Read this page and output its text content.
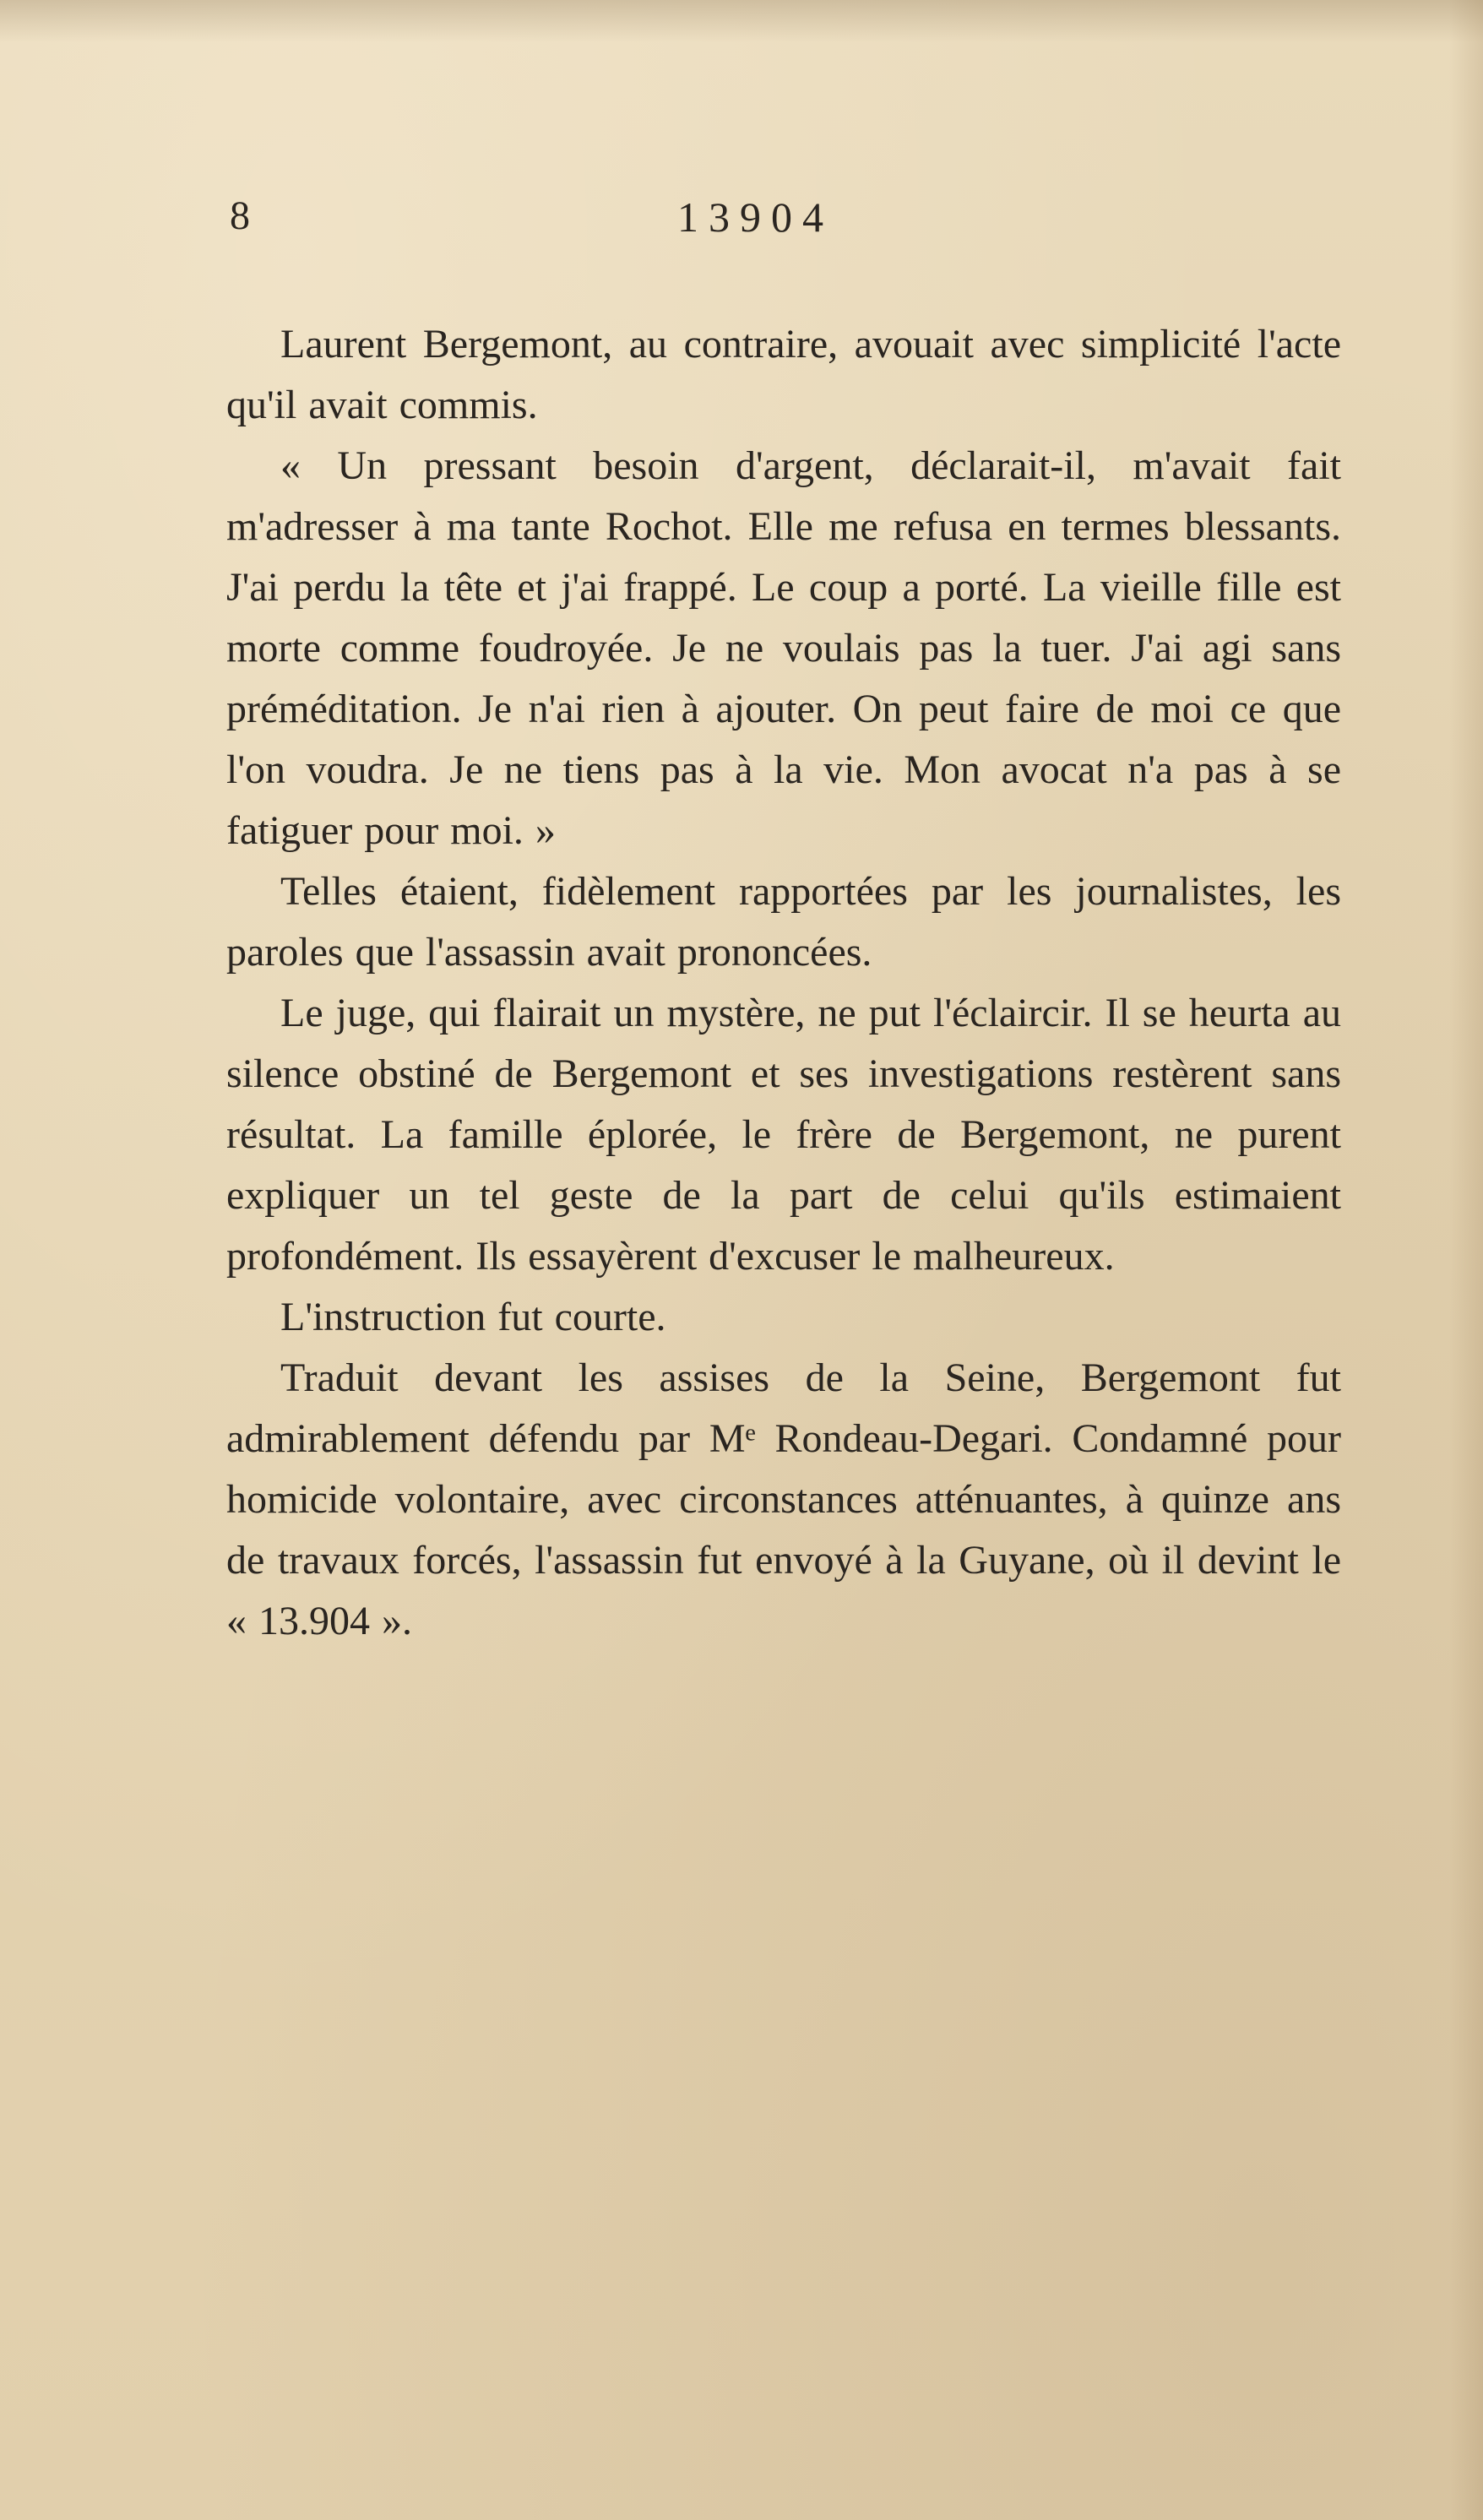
8	13904

Laurent Bergemont, au contraire, avouait avec simplicité l'acte qu'il avait commis.

« Un pressant besoin d'argent, déclarait-il, m'avait fait m'adresser à ma tante Rochot. Elle me refusa en termes blessants. J'ai perdu la tête et j'ai frappé. Le coup a porté. La vieille fille est morte comme foudroyée. Je ne voulais pas la tuer. J'ai agi sans préméditation. Je n'ai rien à ajouter. On peut faire de moi ce que l'on voudra. Je ne tiens pas à la vie. Mon avocat n'a pas à se fatiguer pour moi. »

Telles étaient, fidèlement rapportées par les journalistes, les paroles que l'assassin avait prononcées.

Le juge, qui flairait un mystère, ne put l'éclaircir. Il se heurta au silence obstiné de Bergemont et ses investigations restèrent sans résultat. La famille éplorée, le frère de Bergemont, ne purent expliquer un tel geste de la part de celui qu'ils estimaient profondément. Ils essayèrent d'excuser le malheureux.

L'instruction fut courte.

Traduit devant les assises de la Seine, Bergemont fut admirablement défendu par Mᵉ Rondeau-Degari. Condamné pour homicide volontaire, avec circonstances atténuantes, à quinze ans de travaux forcés, l'assassin fut envoyé à la Guyane, où il devint le « 13.904 ».
